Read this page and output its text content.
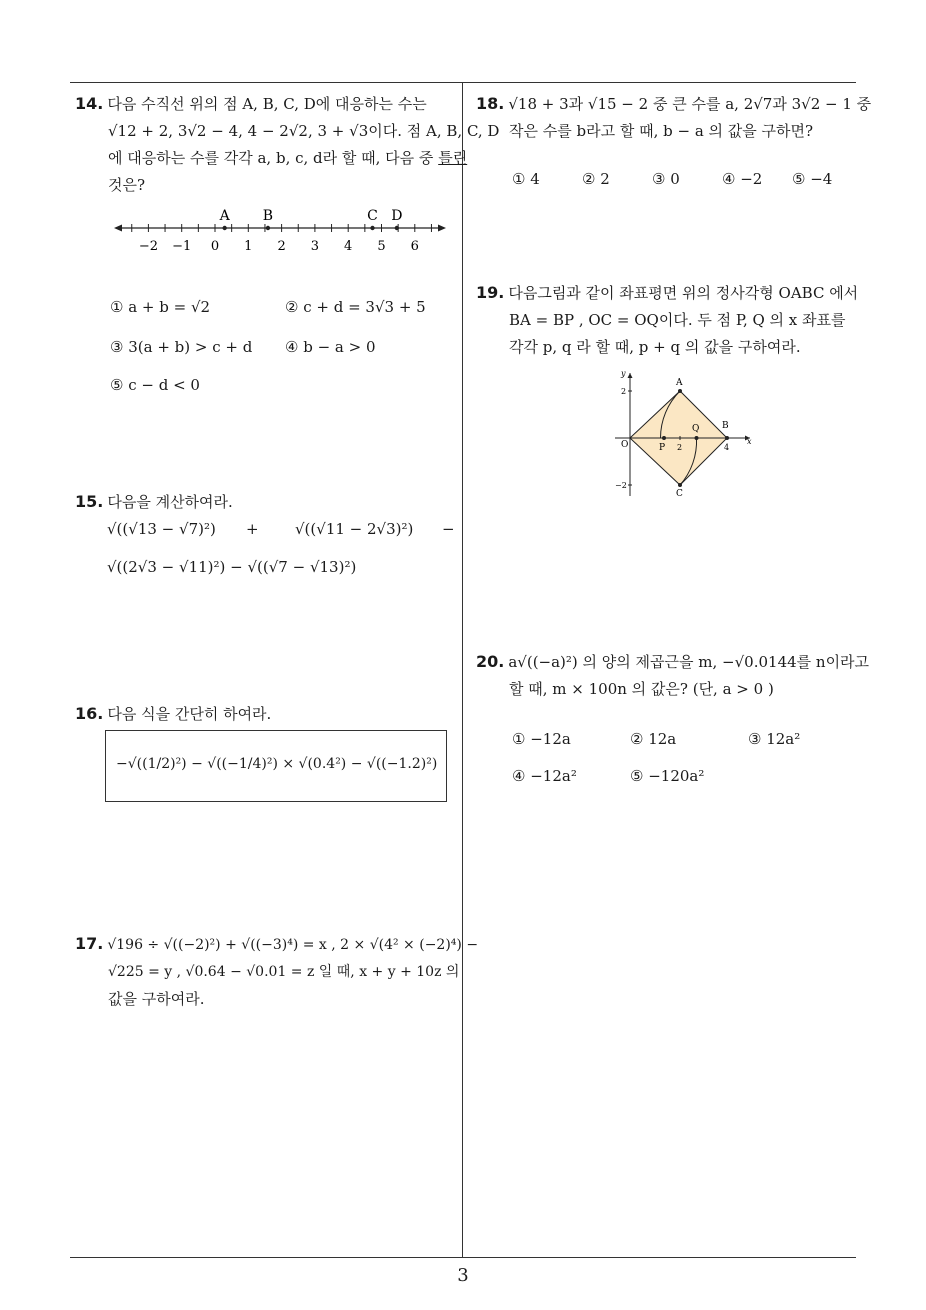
14. 다음 수직선 위의 점 A, B, C, D에 대응하는 수는
√12 + 2, 3√2 − 4, 4 − 2√2, 3 + √3이다. 점 A, B, C, D
에 대응하는 수를 각각 a, b, c, d라 할 때, 다음 중 틀린
것은?
−2 −1 0 1 2 3 4 5 6
A B	C D
① a + b = √2	② c + d = 3√3 + 5
③ 3(a + b) > c + d ④ b − a > 0
⑤ c − d < 0
15. 다음을 계산하여라.
√((√13 − √7)²) + √((√11 − 2√3)²) −
√((2√3 − √11)²) − √((√7 − √13)²)
16. 다음 식을 간단히 하여라.
−√((1/2)²) − √((−1/4)²) × √(0.4²) − √((−1.2)²)
17. √196 ÷ √((−2)²) + √((−3)⁴) = x , 2 × √(4² × (−2)⁴) −
√225 = y , √0.64 − √0.01 = z 일 때, x + y + 10z 의
값을 구하여라.
18. √18 + 3과 √15 − 2 중 큰 수를 a, 2√7과 3√2 − 1 중
작은 수를 b라고 할 때, b − a 의 값을 구하면?
① 4	② 2	③ 0	④ −2 ⑤ −4
19. 다음그림과 같이 좌표평면 위의 정사각형 OABC 에서
BA = BP , OC = OQ이다. 두 점 P, Q 의 x 좌표를
각각 p, q 라 할 때, p + q 의 값을 구하여라.
y
x
O
A
B
C
P
Q
2
−2
2	4
20. a√((−a)²) 의 양의 제곱근을 m, −√0.0144를 n이라고
할 때, m × 100n 의 값은? (단, a > 0 )
① −12a	② 12a	③ 12a²
④ −12a²	⑤ −120a²
3
